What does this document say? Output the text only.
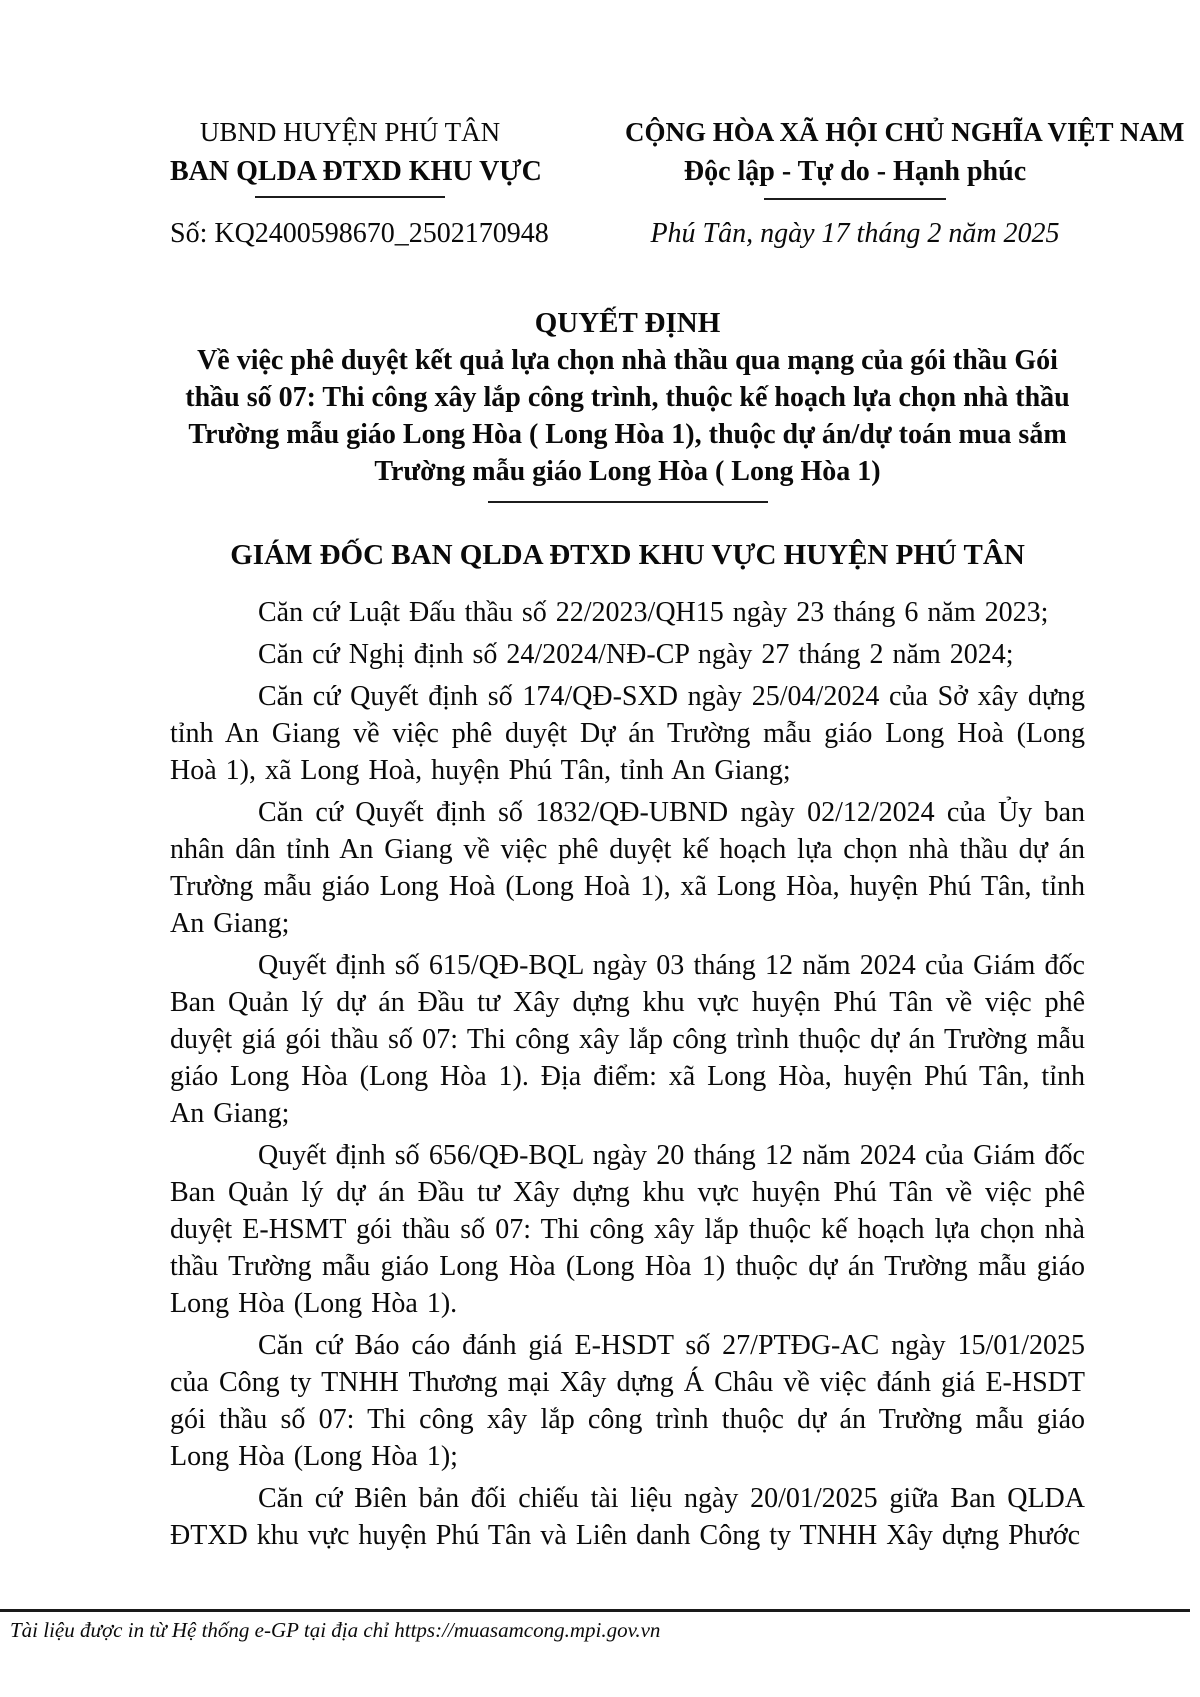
UBND HUYỆN PHÚ TÂN
BAN QLDA ĐTXD KHU VỰC
Số: KQ2400598670_2502170948
CỘNG HÒA XÃ HỘI CHỦ NGHĨA VIỆT NAM
Độc lập - Tự do - Hạnh phúc
Phú Tân, ngày 17 tháng 2 năm 2025
QUYẾT ĐỊNH
Về việc phê duyệt kết quả lựa chọn nhà thầu qua mạng của gói thầu Gói
thầu số 07: Thi công xây lắp công trình, thuộc kế hoạch lựa chọn nhà thầu
Trường mẫu giáo Long Hòa ( Long Hòa 1), thuộc dự án/dự toán mua sắm
Trường mẫu giáo Long Hòa ( Long Hòa 1)
GIÁM ĐỐC BAN QLDA ĐTXD KHU VỰC HUYỆN PHÚ TÂN

Căn cứ Luật Đấu thầu số 22/2023/QH15 ngày 23 tháng 6 năm 2023;

Căn cứ Nghị định số 24/2024/NĐ-CP ngày 27 tháng 2 năm 2024;

Căn cứ Quyết định số 174/QĐ-SXD ngày 25/04/2024 của Sở xây dựng tỉnh An Giang về việc phê duyệt Dự án Trường mẫu giáo Long Hoà (Long Hoà 1), xã Long Hoà, huyện Phú Tân, tỉnh An Giang;

Căn cứ Quyết định số 1832/QĐ-UBND ngày 02/12/2024 của Ủy ban nhân dân tỉnh An Giang về việc phê duyệt kế hoạch lựa chọn nhà thầu dự án Trường mẫu giáo Long Hoà (Long Hoà 1), xã Long Hòa, huyện Phú Tân, tỉnh An Giang;

Quyết định số 615/QĐ-BQL ngày 03 tháng 12 năm 2024 của Giám đốc Ban Quản lý dự án Đầu tư Xây dựng khu vực huyện Phú Tân về việc phê duyệt giá gói thầu số 07: Thi công xây lắp công trình thuộc dự án Trường mẫu giáo Long Hòa (Long Hòa 1). Địa điểm: xã Long Hòa, huyện Phú Tân, tỉnh An Giang;

Quyết định số 656/QĐ-BQL ngày 20 tháng 12 năm 2024 của Giám đốc Ban Quản lý dự án Đầu tư Xây dựng khu vực huyện Phú Tân về việc phê duyệt E-HSMT gói thầu số 07: Thi công xây lắp thuộc kế hoạch lựa chọn nhà thầu Trường mẫu giáo Long Hòa (Long Hòa 1) thuộc dự án Trường mẫu giáo Long Hòa (Long Hòa 1).

Căn cứ Báo cáo đánh giá E-HSDT số 27/PTĐG-AC ngày 15/01/2025 của Công ty TNHH Thương mại Xây dựng Á Châu về việc đánh giá E-HSDT gói thầu số 07: Thi công xây lắp công trình thuộc dự án Trường mẫu giáo Long Hòa (Long Hòa 1);

Căn cứ Biên bản đối chiếu tài liệu ngày 20/01/2025 giữa Ban QLDA ĐTXD khu vực huyện Phú Tân và Liên danh Công ty TNHH Xây dựng Phước

Tài liệu được in từ Hệ thống e-GP tại địa chỉ https://muasamcong.mpi.gov.vn
